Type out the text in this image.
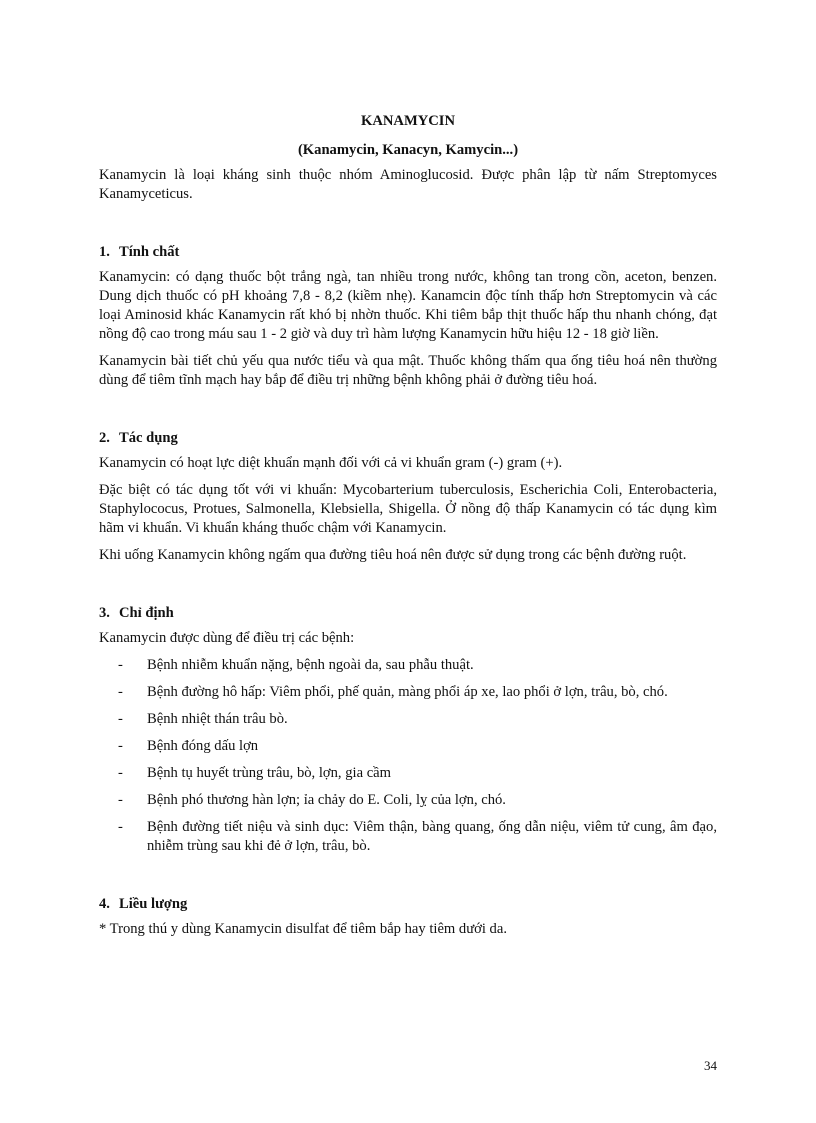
KANAMYCIN
(Kanamycin, Kanacyn, Kamycin...)

Kanamycin là loại kháng sinh thuộc nhóm Aminoglucosid. Được phân lập từ nấm Streptomyces Kanamyceticus.

1. Tính chất

Kanamycin: có dạng thuốc bột trắng ngà, tan nhiều trong nước, không tan trong cồn, aceton, benzen. Dung dịch thuốc có pH khoảng 7,8 - 8,2 (kiềm nhẹ). Kanamcin độc tính thấp hơn Streptomycin và các loại Aminosid khác Kanamycin rất khó bị nhờn thuốc. Khi tiêm bắp thịt thuốc hấp thu nhanh chóng, đạt nồng độ cao trong máu sau 1 - 2 giờ và duy trì hàm lượng Kanamycin hữu hiệu 12 - 18 giờ liền.

Kanamycin bài tiết chủ yếu qua nước tiểu và qua mật. Thuốc không thấm qua ống tiêu hoá nên thường dùng để tiêm tĩnh mạch hay bắp để điều trị những bệnh không phải ở đường tiêu hoá.

2. Tác dụng

Kanamycin có hoạt lực diệt khuẩn mạnh đối với cả vi khuẩn gram (-) gram (+).

Đặc biệt có tác dụng tốt với vi khuẩn: Mycobarterium tuberculosis, Escherichia Coli, Enterobacteria, Staphylococus, Protues, Salmonella, Klebsiella, Shigella. Ở nồng độ thấp Kanamycin có tác dụng kìm hãm vi khuẩn. Vi khuẩn kháng thuốc chậm với Kanamycin.

Khi uống Kanamycin không ngấm qua đường tiêu hoá nên được sử dụng trong các bệnh đường ruột.

3. Chỉ định

Kanamycin được dùng để điều trị các bệnh:

- Bệnh nhiễm khuẩn nặng, bệnh ngoài da, sau phẫu thuật.
- Bệnh đường hô hấp: Viêm phổi, phế quản, màng phổi áp xe, lao phổi ở lợn, trâu, bò, chó.
- Bệnh nhiệt thán trâu bò.
- Bệnh đóng dấu lợn
- Bệnh tụ huyết trùng trâu, bò, lợn, gia cầm
- Bệnh phó thương hàn lợn; ỉa chảy do E. Coli, lỵ của lợn, chó.
- Bệnh đường tiết niệu và sinh dục: Viêm thận, bàng quang, ống dẫn niệu, viêm tử cung, âm đạo, nhiễm trùng sau khi đẻ ở lợn, trâu, bò.
4. Liều lượng

* Trong thú y dùng Kanamycin disulfat để tiêm bắp hay tiêm dưới da.

34
